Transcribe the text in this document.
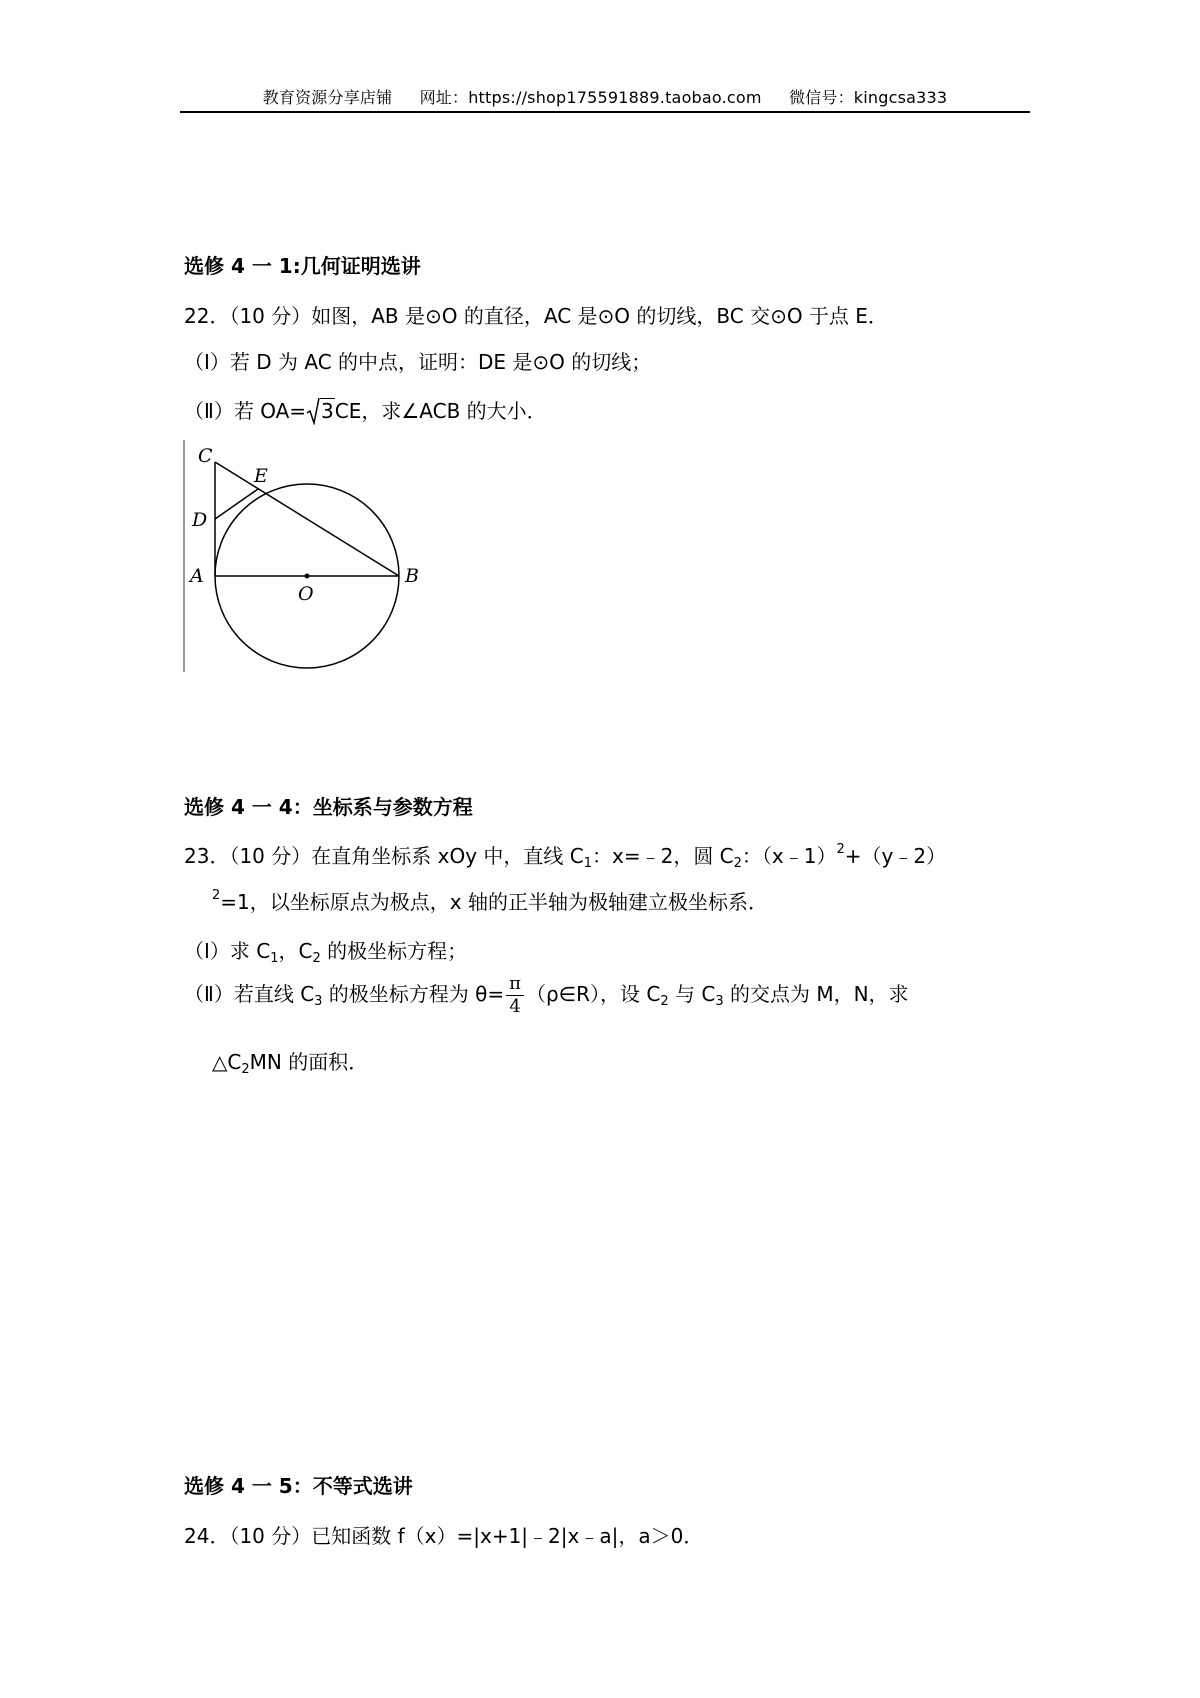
教育资源分享店铺 网址：https://shop175591889.taobao.com 微信号：kingcsa333
选修 4 一 1:几何证明选讲
22．（10 分）如图，AB 是⊙O 的直径，AC 是⊙O 的切线，BC 交⊙O 于点 E．
（Ⅰ）若 D 为 AC 的中点，证明：DE 是⊙O 的切线；
（Ⅱ）若 OA= 3CE，求∠ACB 的大小．
C
E
D
A
O
B
选修 4 一 4：坐标系与参数方程
23．（10 分）在直角坐标系 xOy 中，直线 $C_1$：x=﹣2，圆 $C_2$：（x﹣1）$^2$+（y﹣2）
$^2$=1，以坐标原点为极点，x 轴的正半轴为极轴建立极坐标系．
（Ⅰ）求 $C_1$，$C_2$ 的极坐标方程；
（Ⅱ）若直线 $C_3$ 的极坐标方程为 $\theta= \frac{\pi}{4}$ （ρ∈R），设 $C_2$ 与 $C_3$ 的交点为 M，N，求
$\triangle C_2MN$ 的面积．
选修 4 一 5：不等式选讲
24．（10 分）已知函数 f（x）=|x+1|﹣2|x﹣a|，a＞0．
